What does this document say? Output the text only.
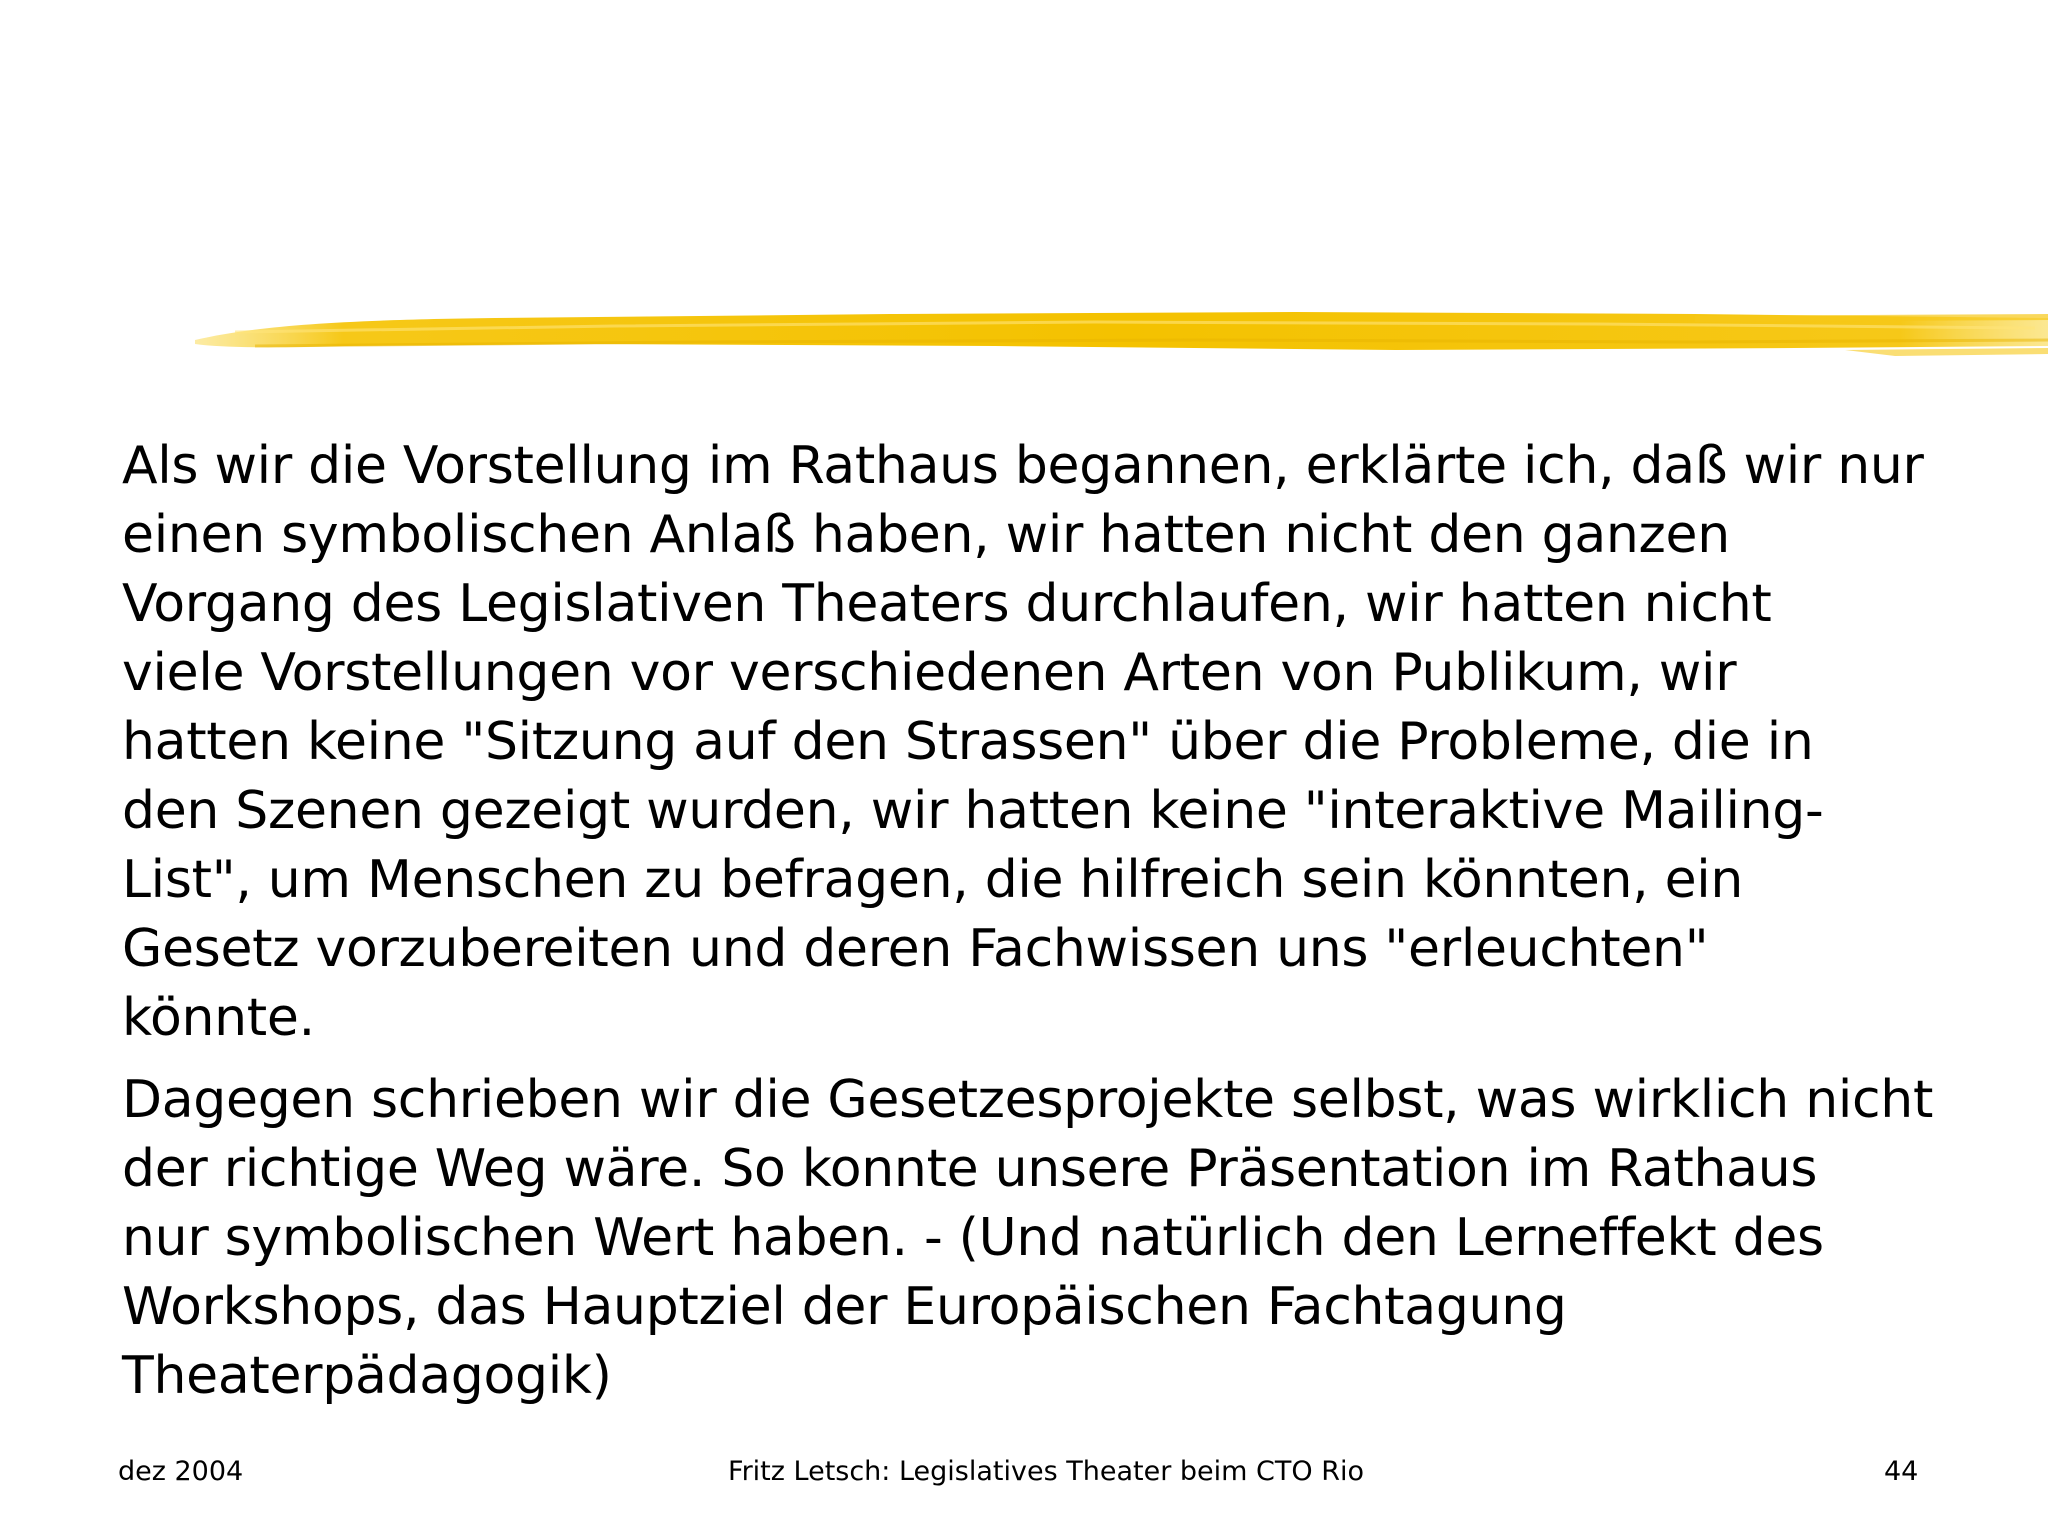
Als wir die Vorstellung im Rathaus begannen, erklärte ich, daß wir nur
einen symbolischen Anlaß haben, wir hatten nicht den ganzen
Vorgang des Legislativen Theaters durchlaufen, wir hatten nicht
viele Vorstellungen vor verschiedenen Arten von Publikum, wir
hatten keine "Sitzung auf den Strassen" über die Probleme, die in
den Szenen gezeigt wurden, wir hatten keine "interaktive Mailing-
List", um Menschen zu befragen, die hilfreich sein könnten, ein
Gesetz vorzubereiten und deren Fachwissen uns "erleuchten"
könnte.

Dagegen schrieben wir die Gesetzesprojekte selbst, was wirklich nicht
der richtige Weg wäre. So konnte unsere Präsentation im Rathaus
nur symbolischen Wert haben. - (Und natürlich den Lerneffekt des
Workshops, das Hauptziel der Europäischen Fachtagung
Theaterpädagogik)

dez 2004	Fritz Letsch: Legislatives Theater beim CTO Rio	44
